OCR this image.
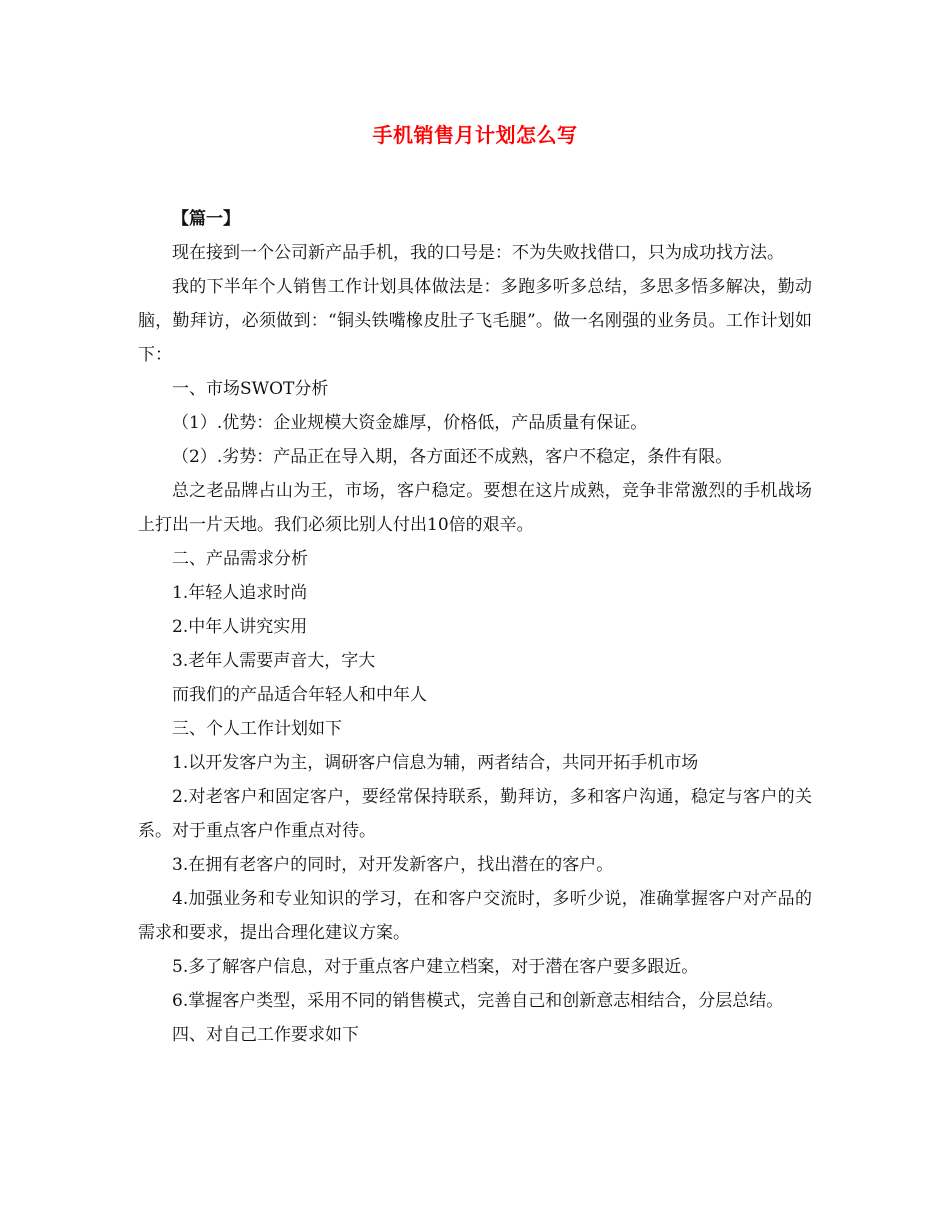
手机销售月计划怎么写

【篇一】

现在接到一个公司新产品手机，我的口号是：不为失败找借口，只为成功找方法。

我的下半年个人销售工作计划具体做法是：多跑多听多总结，多思多悟多解决，勤动脑，勤拜访，必须做到：“铜头铁嘴橡皮肚子飞毛腿”。做一名刚强的业务员。工作计划如下：

一、市场SWOT分析

（1）.优势：企业规模大资金雄厚，价格低，产品质量有保证。

（2）.劣势：产品正在导入期，各方面还不成熟，客户不稳定，条件有限。

总之老品牌占山为王，市场，客户稳定。要想在这片成熟，竞争非常激烈的手机战场上打出一片天地。我们必须比别人付出10倍的艰辛。

二、产品需求分析

1.年轻人追求时尚

2.中年人讲究实用

3.老年人需要声音大，字大

而我们的产品适合年轻人和中年人

三、个人工作计划如下

1.以开发客户为主，调研客户信息为辅，两者结合，共同开拓手机市场

2.对老客户和固定客户，要经常保持联系，勤拜访，多和客户沟通，稳定与客户的关系。对于重点客户作重点对待。

3.在拥有老客户的同时，对开发新客户，找出潜在的客户。

4.加强业务和专业知识的学习，在和客户交流时，多听少说，准确掌握客户对产品的需求和要求，提出合理化建议方案。

5.多了解客户信息，对于重点客户建立档案，对于潜在客户要多跟近。

6.掌握客户类型，采用不同的销售模式，完善自己和创新意志相结合，分层总结。

四、对自己工作要求如下
